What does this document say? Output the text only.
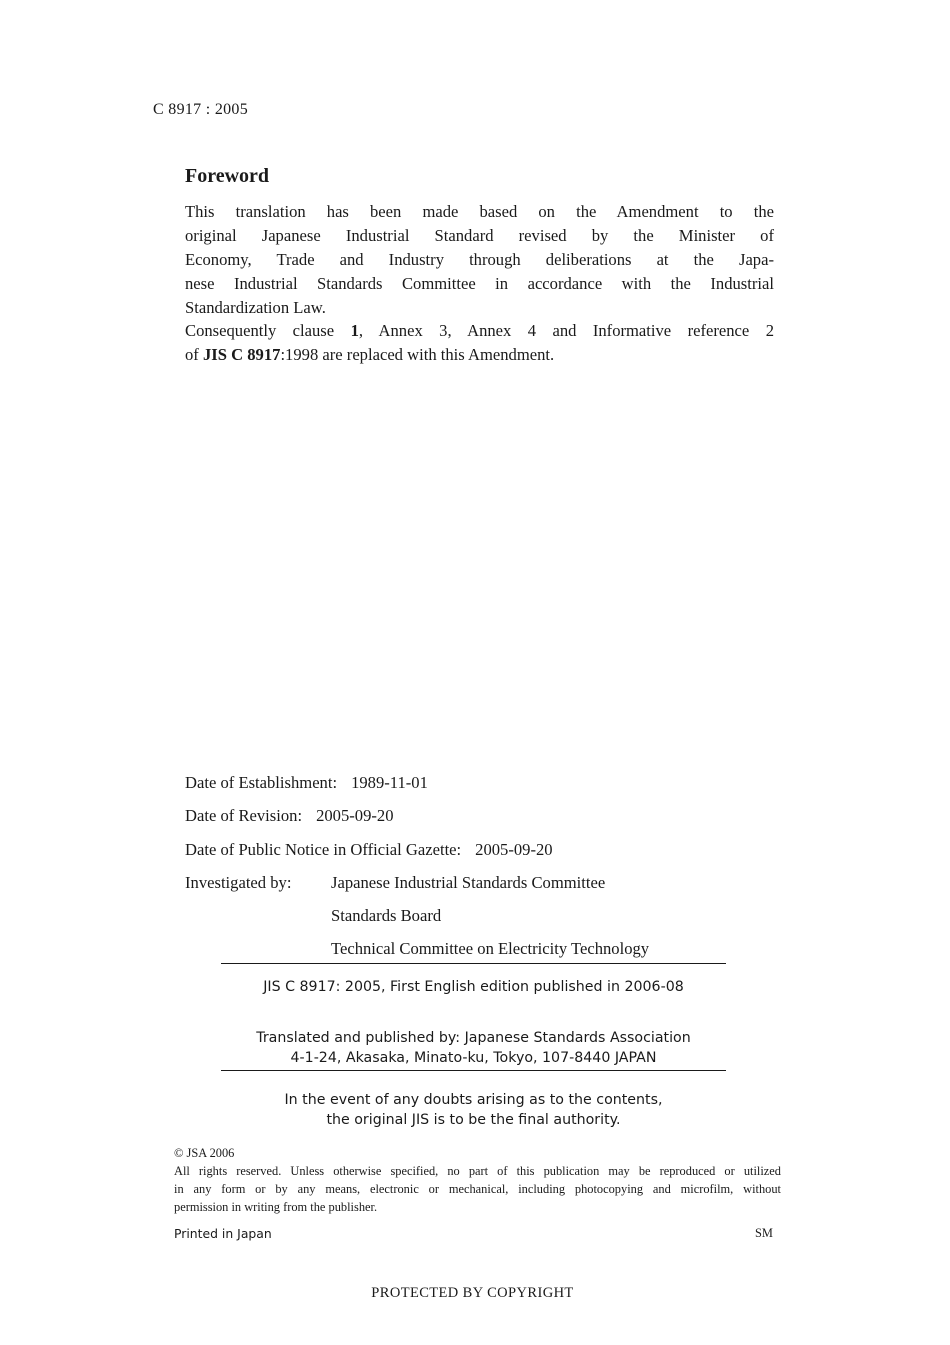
C 8917 : 2005
Foreword
This translation has been made based on the Amendment to the
original Japanese Industrial Standard revised by the Minister of
Economy, Trade and Industry through deliberations at the Japa-
nese Industrial Standards Committee in accordance with the Industrial
Standardization Law.
Consequently clause 1, Annex 3, Annex 4 and Informative reference 2
of JIS C 8917:1998 are replaced with this Amendment.
Date of Establishment: 1989-11-01
Date of Revision: 2005-09-20
Date of Public Notice in Official Gazette: 2005-09-20
Investigated by: Japanese Industrial Standards Committee
Standards Board
Technical Committee on Electricity Technology
JIS C 8917: 2005, First English edition published in 2006-08
Translated and published by: Japanese Standards Association
4-1-24, Akasaka, Minato-ku, Tokyo, 107-8440 JAPAN
In the event of any doubts arising as to the contents,
the original JIS is to be the final authority.
© JSA 2006
All rights reserved. Unless otherwise specified, no part of this publication may be reproduced or utilized
in any form or by any means, electronic or mechanical, including photocopying and microfilm, without
permission in writing from the publisher.
Printed in Japan	SM
PROTECTED BY COPYRIGHT
